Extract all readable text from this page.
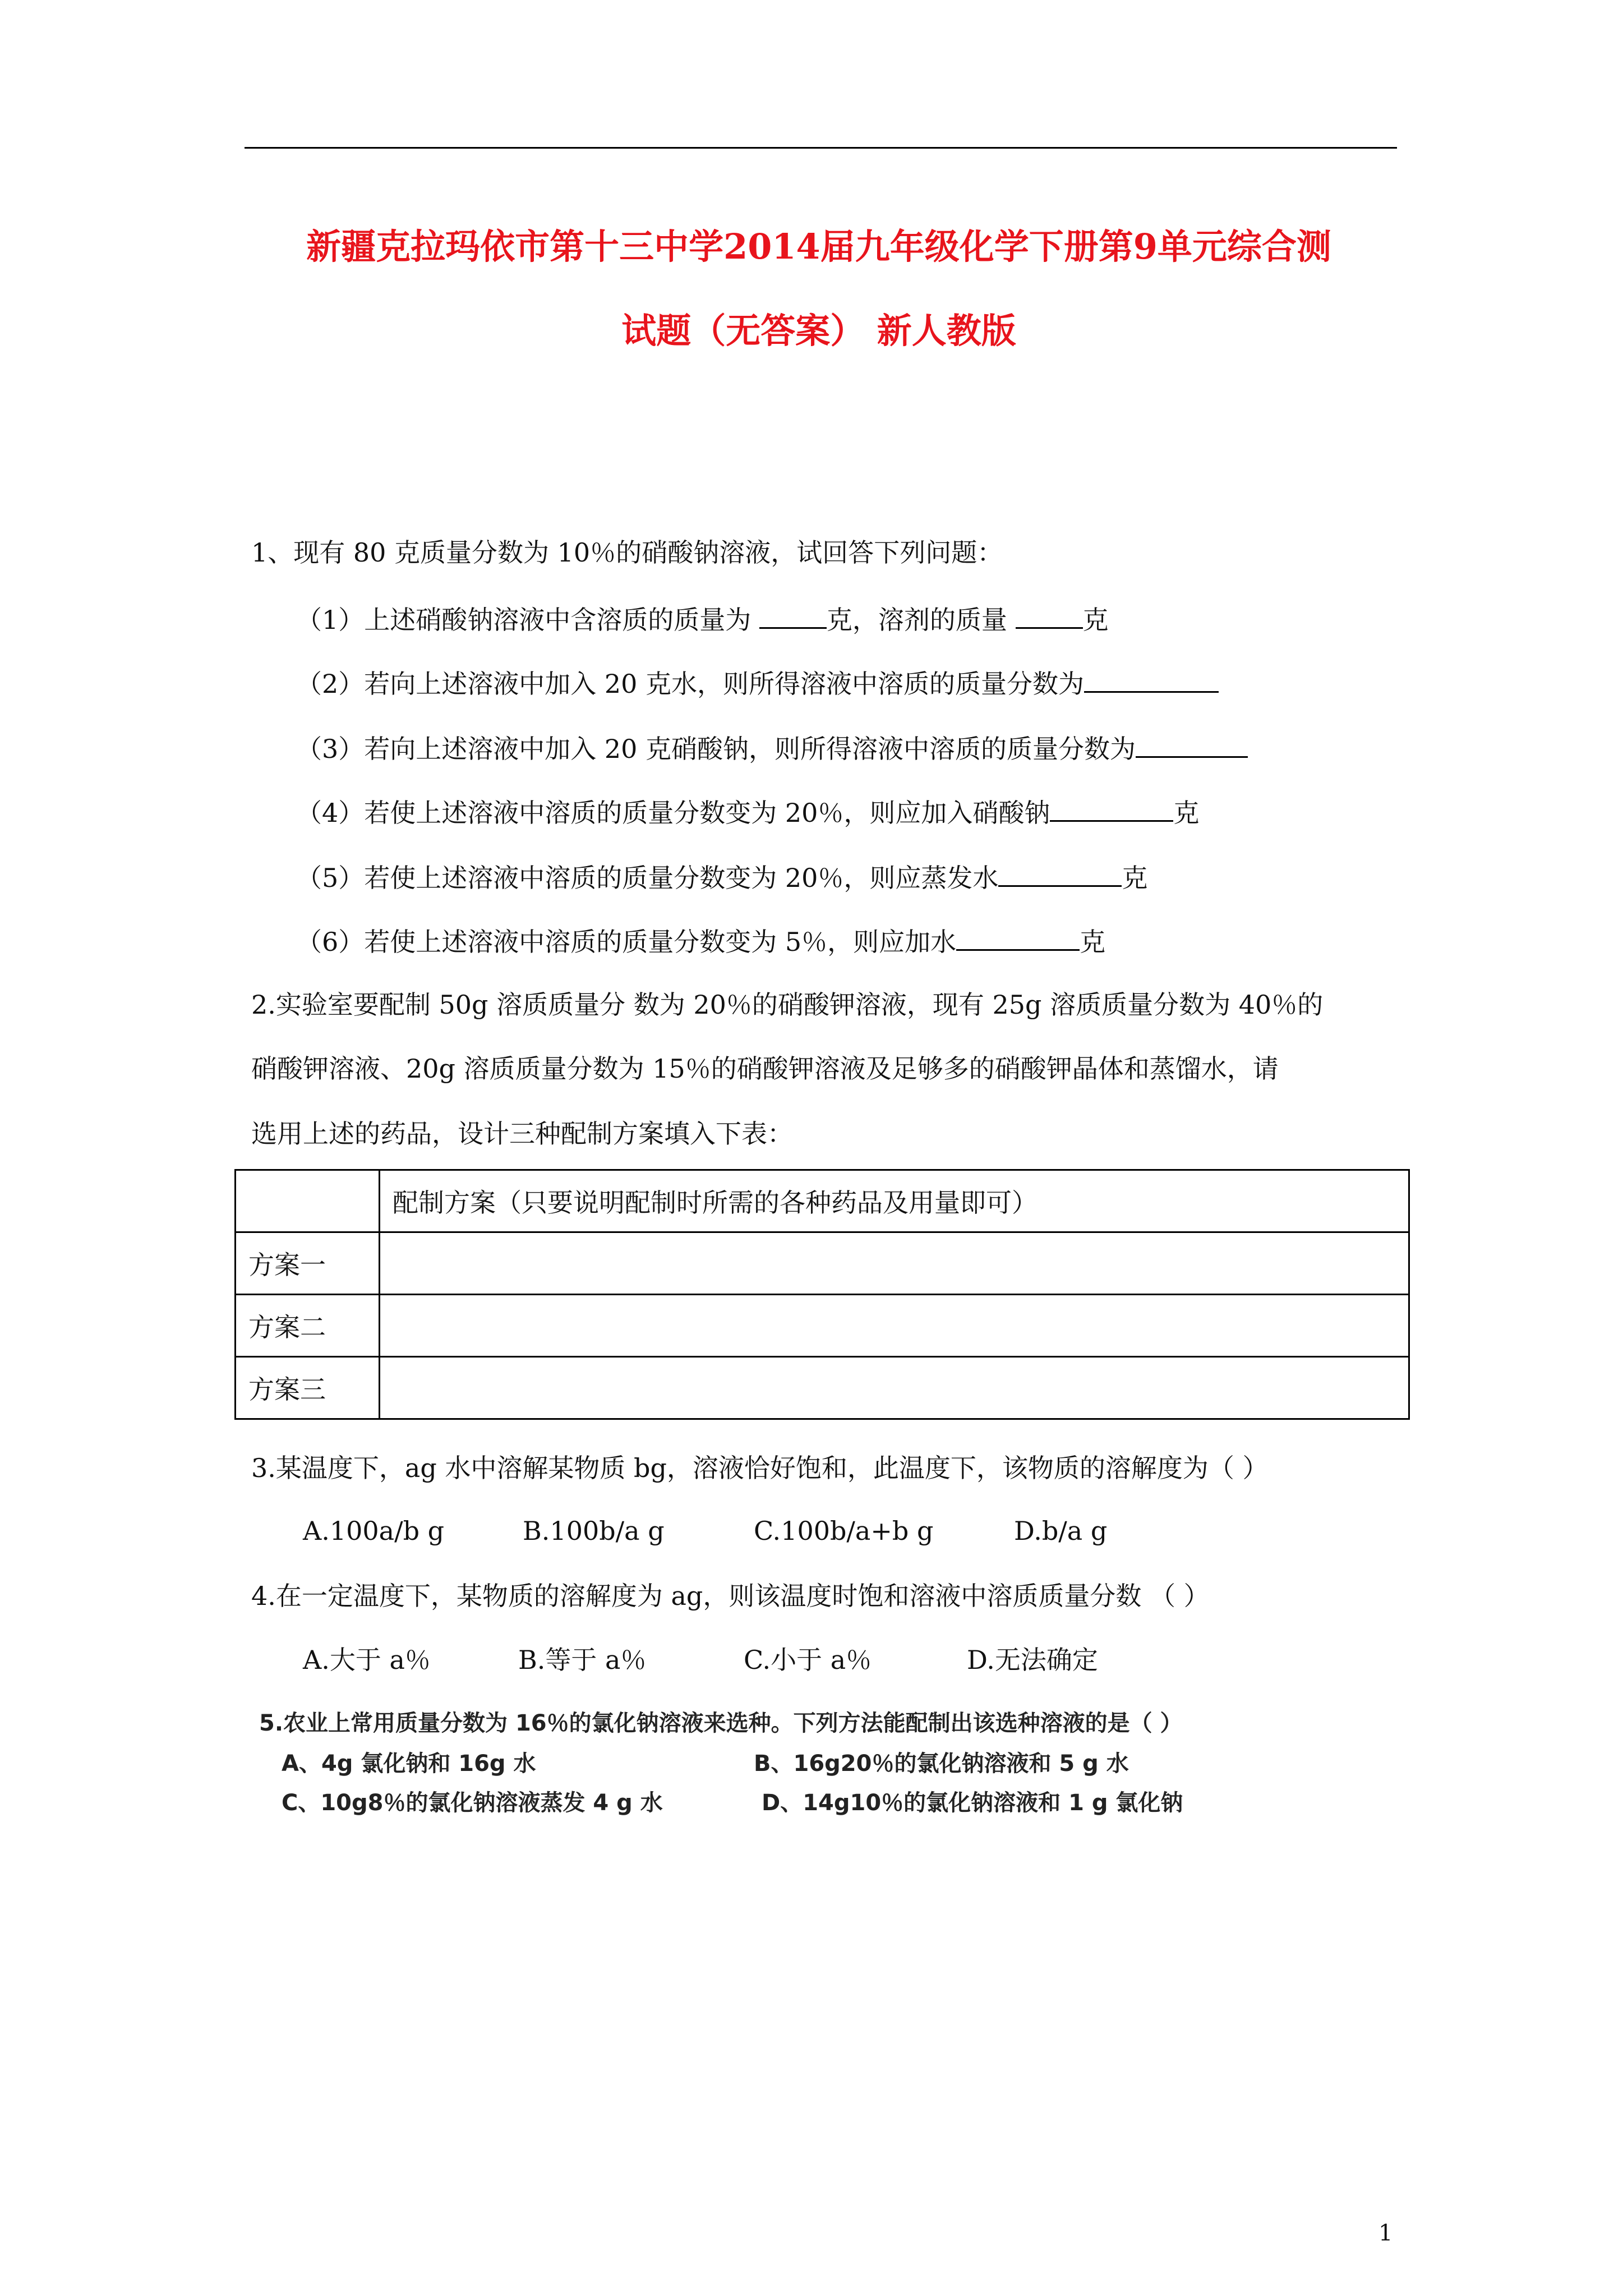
新疆克拉玛依市第十三中学2014届九年级化学下册第9单元综合测
试题（无答案） 新人教版
1、现有 80 克质量分数为 10％的硝酸钠溶液，试回答下列问题：
（1）上述硝酸钠溶液中含溶质的质量为	克，溶剂的质量	克
（2）若向上述溶液中加入 20 克水，则所得溶液中溶质的质量分数为
（3）若向上述溶液中加入 20 克硝酸钠，则所得溶液中溶质的质量分数为
（4）若使上述溶液中溶质的质量分数变为 20％，则应加入硝酸钠	克
（5）若使上述溶液中溶质的质量分数变为 20％，则应蒸发水	克
（6）若使上述溶液中溶质的质量分数变为 5％，则应加水	克
2.实验室要配制 50g 溶质质量分 数为 20％的硝酸钾溶液，现有 25g 溶质质量分数为 40％的
硝酸钾溶液、20g 溶质质量分数为 15％的硝酸钾溶液及足够多的硝酸钾晶体和蒸馏水，请
选用上述的药品，设计三种配制方案填入下表：
	配制方案（只要说明配制时所需的各种药品及用量即可）
方案一	
方案二	
方案三	
3.某温度下，ag 水中溶解某物质 bg，溶液恰好饱和，此温度下，该物质的溶解度为（ ）
A.100a/b g	B.100b/a g	C.100b/a+b g	D.b/a g
4.在一定温度下，某物质的溶解度为 ag，则该温度时饱和溶液中溶质质量分数 （ ）
A.大于 a％	B.等于 a％	C.小于 a％	D.无法确定
5.农业上常用质量分数为 16％的氯化钠溶液来选种。下列方法能配制出该选种溶液的是（ ）
A、4g 氯化钠和 16g 水	B、16g20％的氯化钠溶液和 5 g 水
C、10g8％的氯化钠溶液蒸发 4 g 水	D、14g10％的氯化钠溶液和 1 g 氯化钠
1
